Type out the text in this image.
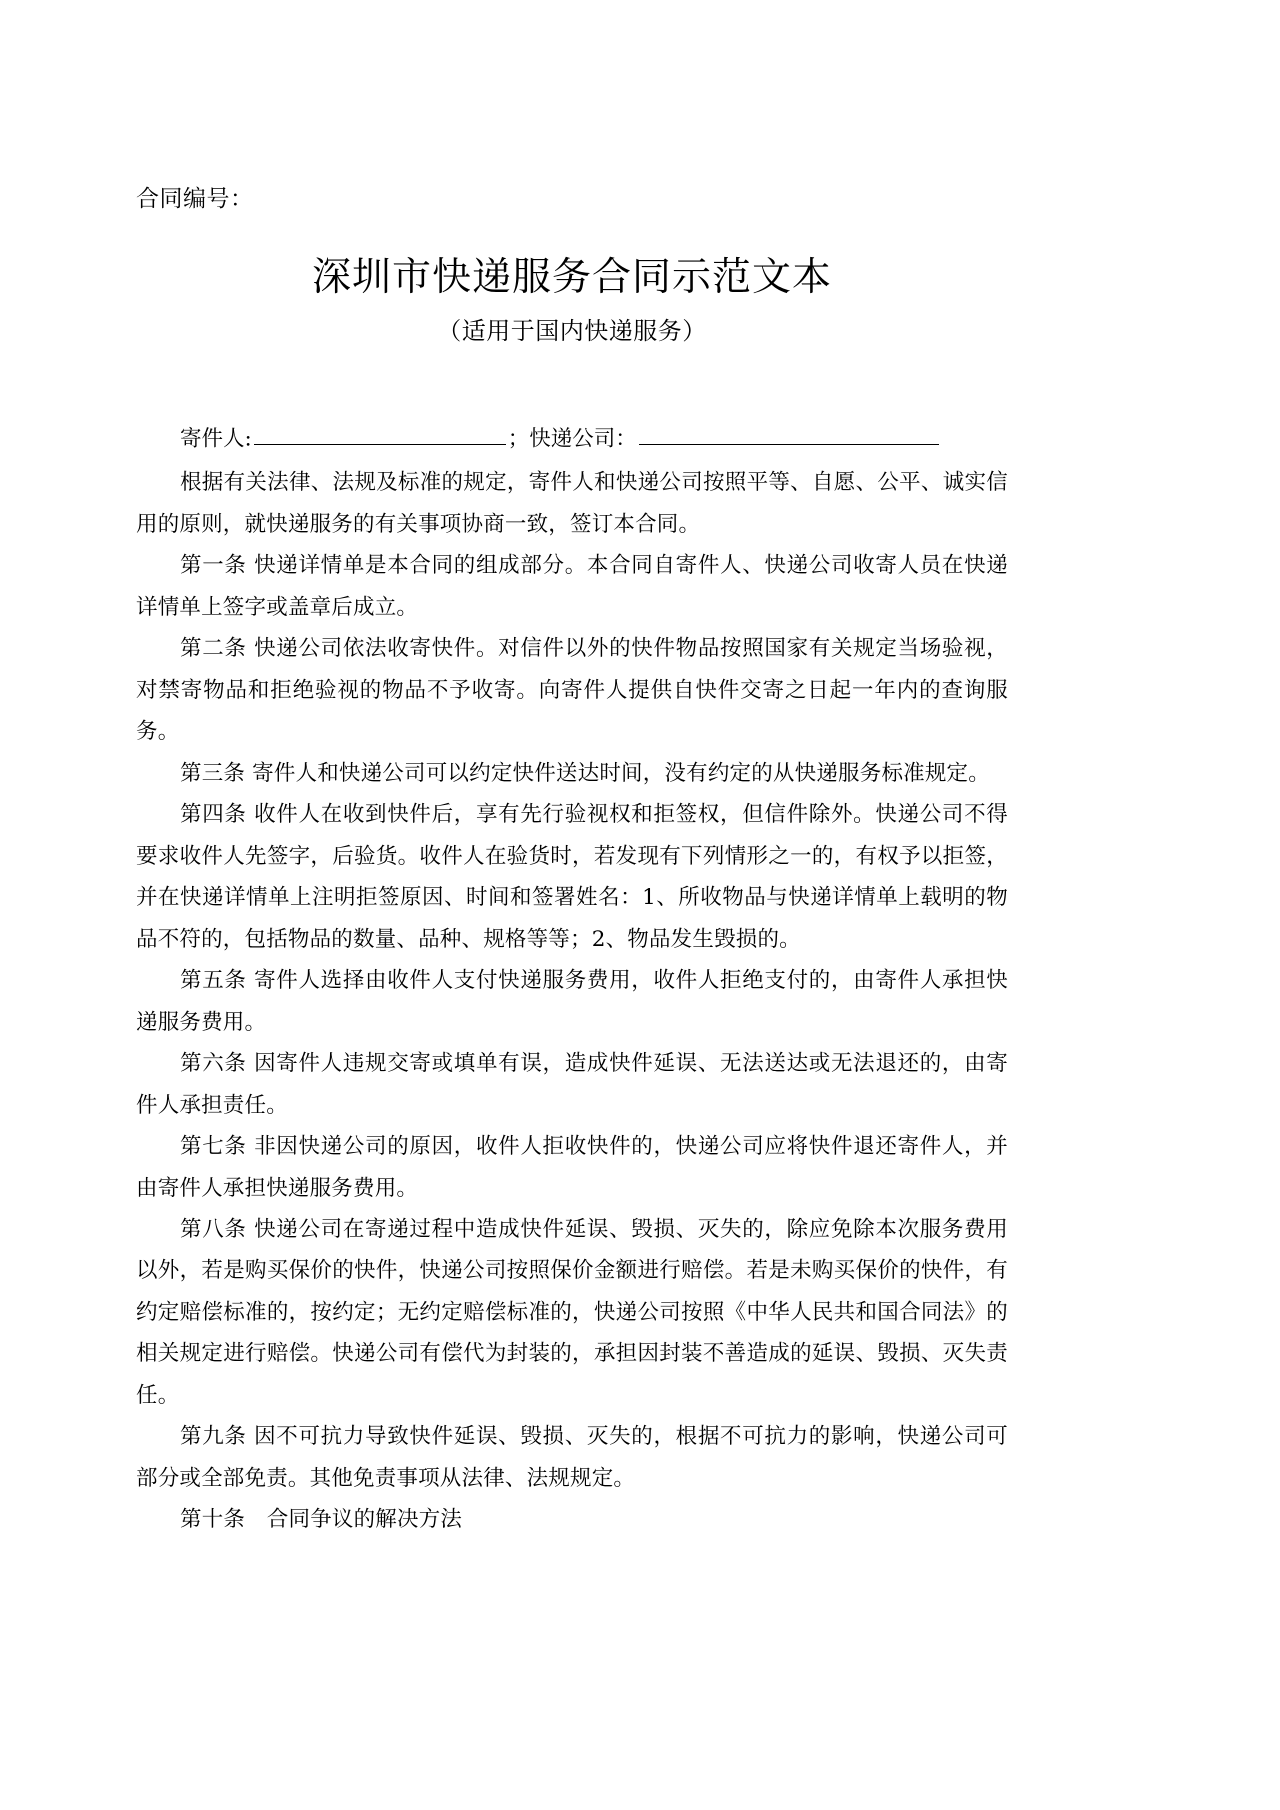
合同编号：
深圳市快递服务合同示范文本
（适用于国内快递服务）
寄件人:	；快递公司：

根据有关法律、法规及标准的规定，寄件人和快递公司按照平等、自愿、公平、诚实信用的原则，就快递服务的有关事项协商一致，签订本合同。

第一条 快递详情单是本合同的组成部分。本合同自寄件人、快递公司收寄人员在快递详情单上签字或盖章后成立。

第二条 快递公司依法收寄快件。对信件以外的快件物品按照国家有关规定当场验视，对禁寄物品和拒绝验视的物品不予收寄。向寄件人提供自快件交寄之日起一年内的查询服务。

第三条 寄件人和快递公司可以约定快件送达时间，没有约定的从快递服务标准规定。

第四条 收件人在收到快件后，享有先行验视权和拒签权，但信件除外。快递公司不得要求收件人先签字，后验货。收件人在验货时，若发现有下列情形之一的，有权予以拒签，并在快递详情单上注明拒签原因、时间和签署姓名：1、所收物品与快递详情单上载明的物品不符的，包括物品的数量、品种、规格等等；2、物品发生毁损的。

第五条 寄件人选择由收件人支付快递服务费用，收件人拒绝支付的，由寄件人承担快递服务费用。

第六条 因寄件人违规交寄或填单有误，造成快件延误、无法送达或无法退还的，由寄件人承担责任。

第七条 非因快递公司的原因，收件人拒收快件的，快递公司应将快件退还寄件人，并由寄件人承担快递服务费用。

第八条 快递公司在寄递过程中造成快件延误、毁损、灭失的，除应免除本次服务费用以外，若是购买保价的快件，快递公司按照保价金额进行赔偿。若是未购买保价的快件，有约定赔偿标准的，按约定；无约定赔偿标准的，快递公司按照《中华人民共和国合同法》的相关规定进行赔偿。快递公司有偿代为封装的，承担因封装不善造成的延误、毁损、灭失责任。

第九条 因不可抗力导致快件延误、毁损、灭失的，根据不可抗力的影响，快递公司可部分或全部免责。其他免责事项从法律、法规规定。

第十条　合同争议的解决方法
